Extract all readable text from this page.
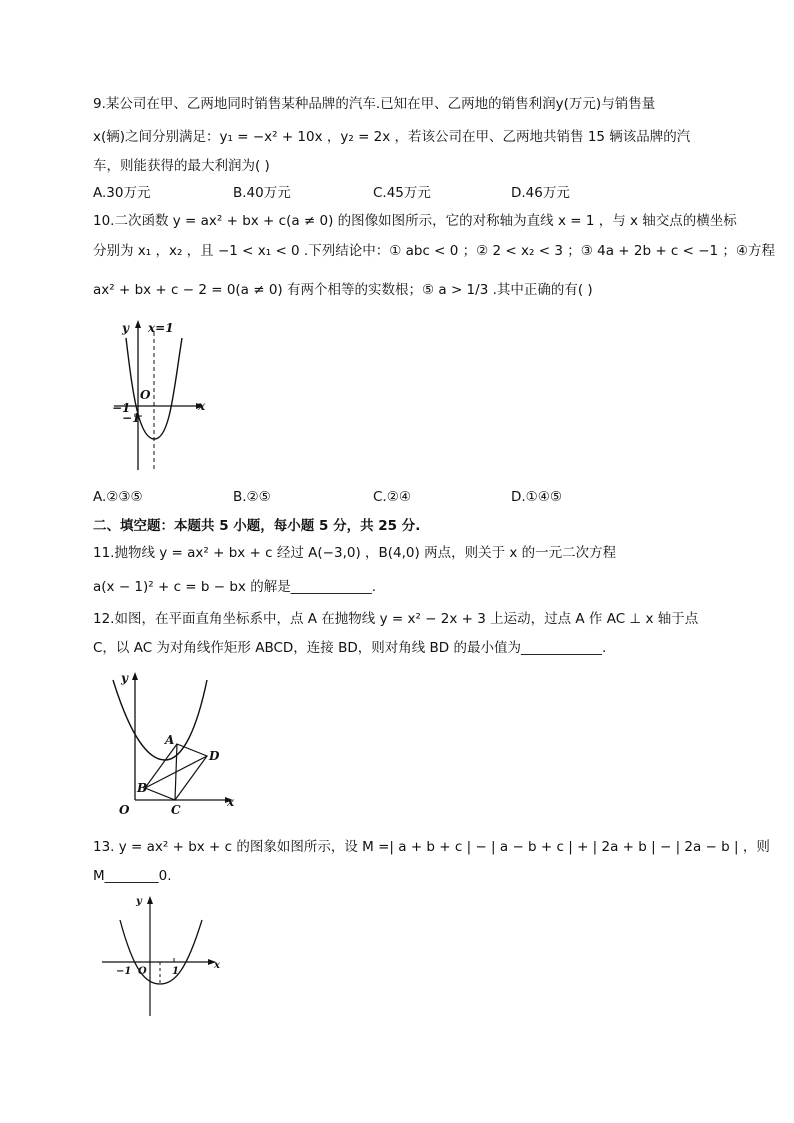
9.某公司在甲、乙两地同时销售某种品牌的汽车.已知在甲、乙两地的销售利润y(万元)与销售量
x(辆)之间分别满足：y₁ = −x² + 10x ，y₂ = 2x ，若该公司在甲、乙两地共销售 15 辆该品牌的汽
车，则能获得的最大利润为( )
A.30万元	B.40万元	C.45万元	D.46万元
10.二次函数 y = ax² + bx + c(a ≠ 0) 的图像如图所示，它的对称轴为直线 x = 1 ，与 x 轴交点的横坐标
分别为 x₁ ，x₂ ，且 −1 < x₁ < 0 .下列结论中：① abc < 0 ；② 2 < x₂ < 3 ；③ 4a + 2b + c < −1 ；④方程
ax² + bx + c − 2 = 0(a ≠ 0) 有两个相等的实数根；⑤ a > 1/3 .其中正确的有( )
y x=1
O
−1
−1
x
A.②③⑤	B.②⑤	C.②④	D.①④⑤
二、填空题：本题共 5 小题，每小题 5 分，共 25 分.
11.抛物线 y = ax² + bx + c 经过 A(−3,0) ，B(4,0) 两点，则关于 x 的一元二次方程
a(x − 1)² + c = b − bx 的解是____________.
12.如图，在平面直角坐标系中，点 A 在抛物线 y = x² − 2x + 3 上运动，过点 A 作 AC ⊥ x 轴于点
C，以 AC 为对角线作矩形 ABCD，连接 BD，则对角线 BD 的最小值为____________.
y
A
D
B
O	C
x
13. y = ax² + bx + c 的图象如图所示，设 M =| a + b + c | − | a − b + c | + | 2a + b | − | 2a − b | ，则
M________0.
y
−1 O	1
x
